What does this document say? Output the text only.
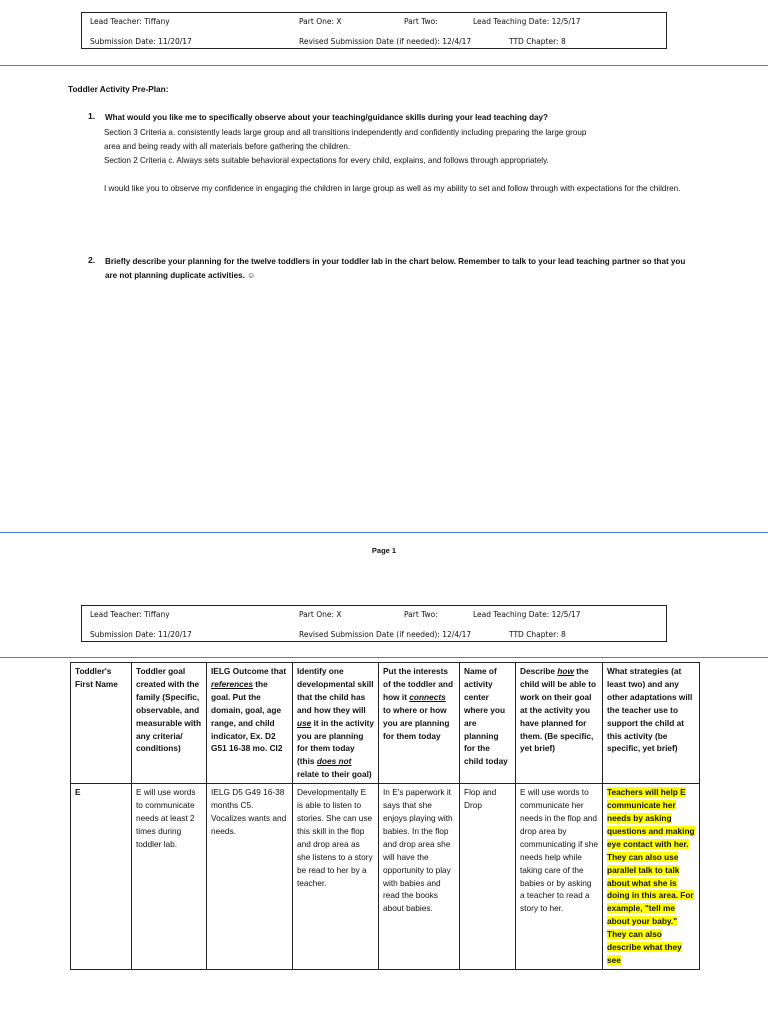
Lead Teacher: Tiffany	Part One: X	Part Two:	Lead Teaching Date: 12/5/17
Submission Date: 11/20/17	Revised Submission Date (if needed): 12/4/17	TTD Chapter: 8
Toddler Activity Pre-Plan:
1. What would you like me to specifically observe about your teaching/guidance skills during your lead teaching day?
Section 3 Criteria a. consistently leads large group and all transitions independently and confidently including preparing the large group
area and being ready with all materials before gathering the children.
Section 2 Criteria c. Always sets suitable behavioral expectations for every child, explains, and follows through appropriately.
I would like you to observe my confidence in engaging the children in large group as well as my ability to set and follow through with expectations for the children.
2. Briefly describe your planning for the twelve toddlers in your toddler lab in the chart below. Remember to talk to your lead teaching partner so that you are not planning duplicate activities. ☺
Page 1
Lead Teacher: Tiffany	Part One: X	Part Two:	Lead Teaching Date: 12/5/17
Submission Date: 11/20/17	Revised Submission Date (if needed): 12/4/17	TTD Chapter: 8
Toddler's First Name	Toddler goal created with the family (Specific, observable, and measurable with any criteria/ conditions)	IELG Outcome that references the goal. Put the domain, goal, age range, and child indicator, Ex. D2 G51 16-38 mo. CI2	Identify one developmental skill that the child has and how they will use it in the activity you are planning for them today (this does not relate to their goal)	Put the interests of the toddler and how it connects to where or how you are planning for them today	Name of activity center where you are planning for the child today	Describe how the child will be able to work on their goal at the activity you have planned for them. (Be specific, yet brief)	What strategies (at least two) and any other adaptations will the teacher use to support the child at this activity (be specific, yet brief)
E	E will use words to communicate needs at least 2 times during toddler lab.	IELG D5 G49 16-38 months C5. Vocalizes wants and needs.	Developmentally E is able to listen to stories. She can use this skill in the flop and drop area as she listens to a story be read to her by a teacher.	In E's paperwork it says that she enjoys playing with babies. In the flop and drop area she will have the opportunity to play with babies and read the books about babies.	Flop and Drop	E will use words to communicate her needs in the flop and drop area by communicating if she needs help while taking care of the babies or by asking a teacher to read a story to her.	Teachers will help E communicate her needs by asking questions and making eye contact with her. They can also use parallel talk to talk about what she is doing in this area. For example, "tell me about your baby." They can also describe what they see
